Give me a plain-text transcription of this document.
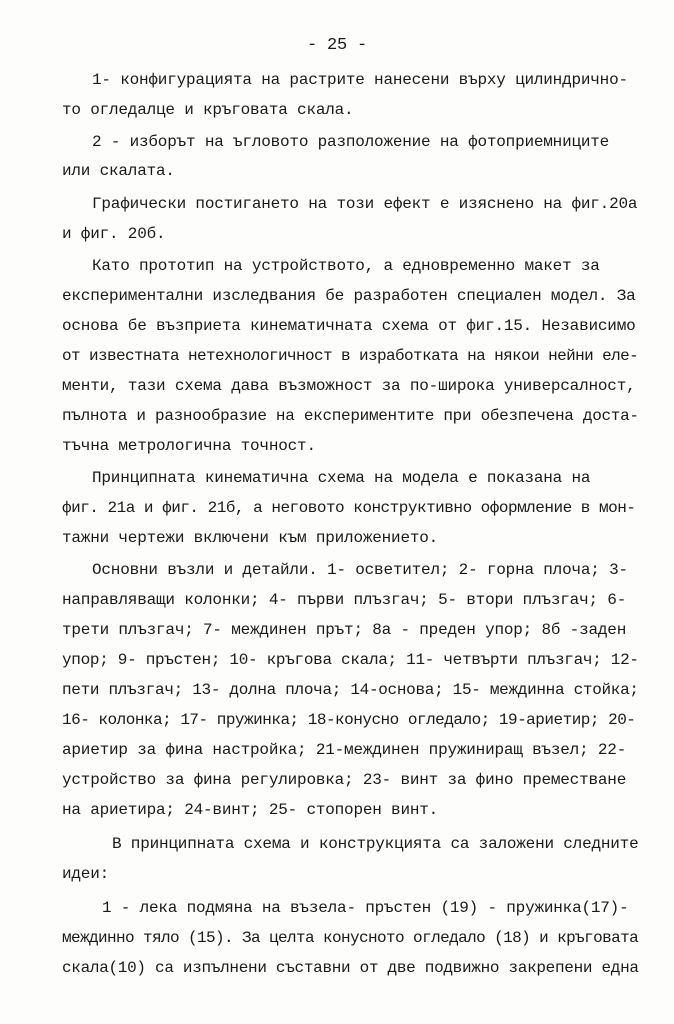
- 25 -
1- конфигурацията на растрите нанесени върху цилиндрично-
то огледалце и кръговата скала.
2 - изборът на ъгловото разположение на фотоприемниците
или скалата.
Графически постигането на този ефект е изяснено на фиг.20а
и фиг. 20б.
Като прототип на устройството, а едновременно макет за
експериментални изследвания бе разработен специален модел. За
основа бе възприета кинематичната схема от фиг.15. Независимо
от известната нетехнологичност в изработката на някои нейни еле-
менти, тази схема дава възможност за по-широка универсалност,
пълнота и разнообразие на експериментите при обезпечена доста-
тъчна метрологична точност.
Принципната кинематична схема на модела е показана на
фиг. 21а и фиг. 21б, а неговото конструктивно оформление в мон-
тажни чертежи включени към приложението.
Основни възли и детайли. 1- осветител; 2- горна плоча; 3-
направляващи колонки; 4- първи плъзгач; 5- втори плъзгач; 6-
трети плъзгач; 7- междинен прът; 8а - преден упор; 8б -заден
упор; 9- пръстен; 10- кръгова скала; 11- четвърти плъзгач; 12-
пети плъзгач; 13- долна плоча; 14-основа; 15- междинна стойка;
16- колонка; 17- пружинка; 18-конусно огледало; 19-ариетир; 20-
ариетир за фина настройка; 21-междинен пружиниращ възел; 22-
устройство за фина регулировка; 23- винт за фино преместване
на ариетира; 24-винт; 25- стопорен винт.
В принципната схема и конструкцията са заложени следните
идеи:
1 - лека подмяна на възела- пръстен (19) - пружинка(17)-
междинно тяло (15). За целта конусното огледало (18) и кръговата
скала(10) са изпълнени съставни от две подвижно закрепени една
